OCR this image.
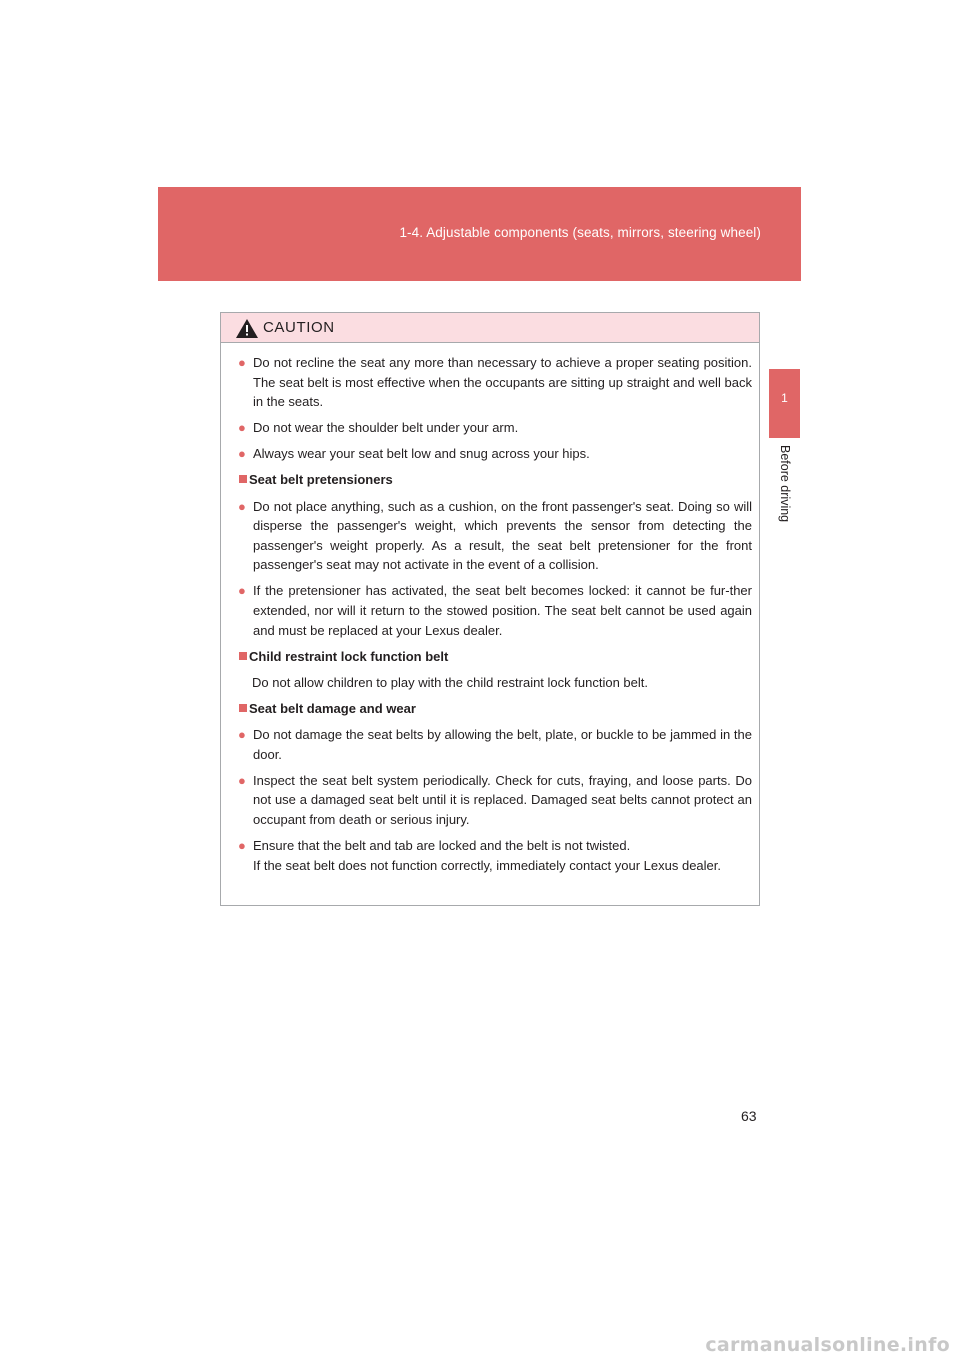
1-4. Adjustable components (seats, mirrors, steering wheel)
1
Before driving
CAUTION
● Do not recline the seat any more than necessary to achieve a proper seating position. The seat belt is most effective when the occupants are sitting up straight and well back in the seats.
● Do not wear the shoulder belt under your arm.
● Always wear your seat belt low and snug across your hips.
Seat belt pretensioners
● Do not place anything, such as a cushion, on the front passenger's seat. Doing so will disperse the passenger's weight, which prevents the sensor from detecting the passenger's weight properly. As a result, the seat belt pretensioner for the front passenger's seat may not activate in the event of a collision.
● If the pretensioner has activated, the seat belt becomes locked: it cannot be fur-ther extended, nor will it return to the stowed position. The seat belt cannot be used again and must be replaced at your Lexus dealer.
Child restraint lock function belt
Do not allow children to play with the child restraint lock function belt.
Seat belt damage and wear
● Do not damage the seat belts by allowing the belt, plate, or buckle to be jammed in the door.
● Inspect the seat belt system periodically. Check for cuts, fraying, and loose parts. Do not use a damaged seat belt until it is replaced. Damaged seat belts cannot protect an occupant from death or serious injury.
● Ensure that the belt and tab are locked and the belt is not twisted.
If the seat belt does not function correctly, immediately contact your Lexus dealer.
63
carmanualsonline.info
